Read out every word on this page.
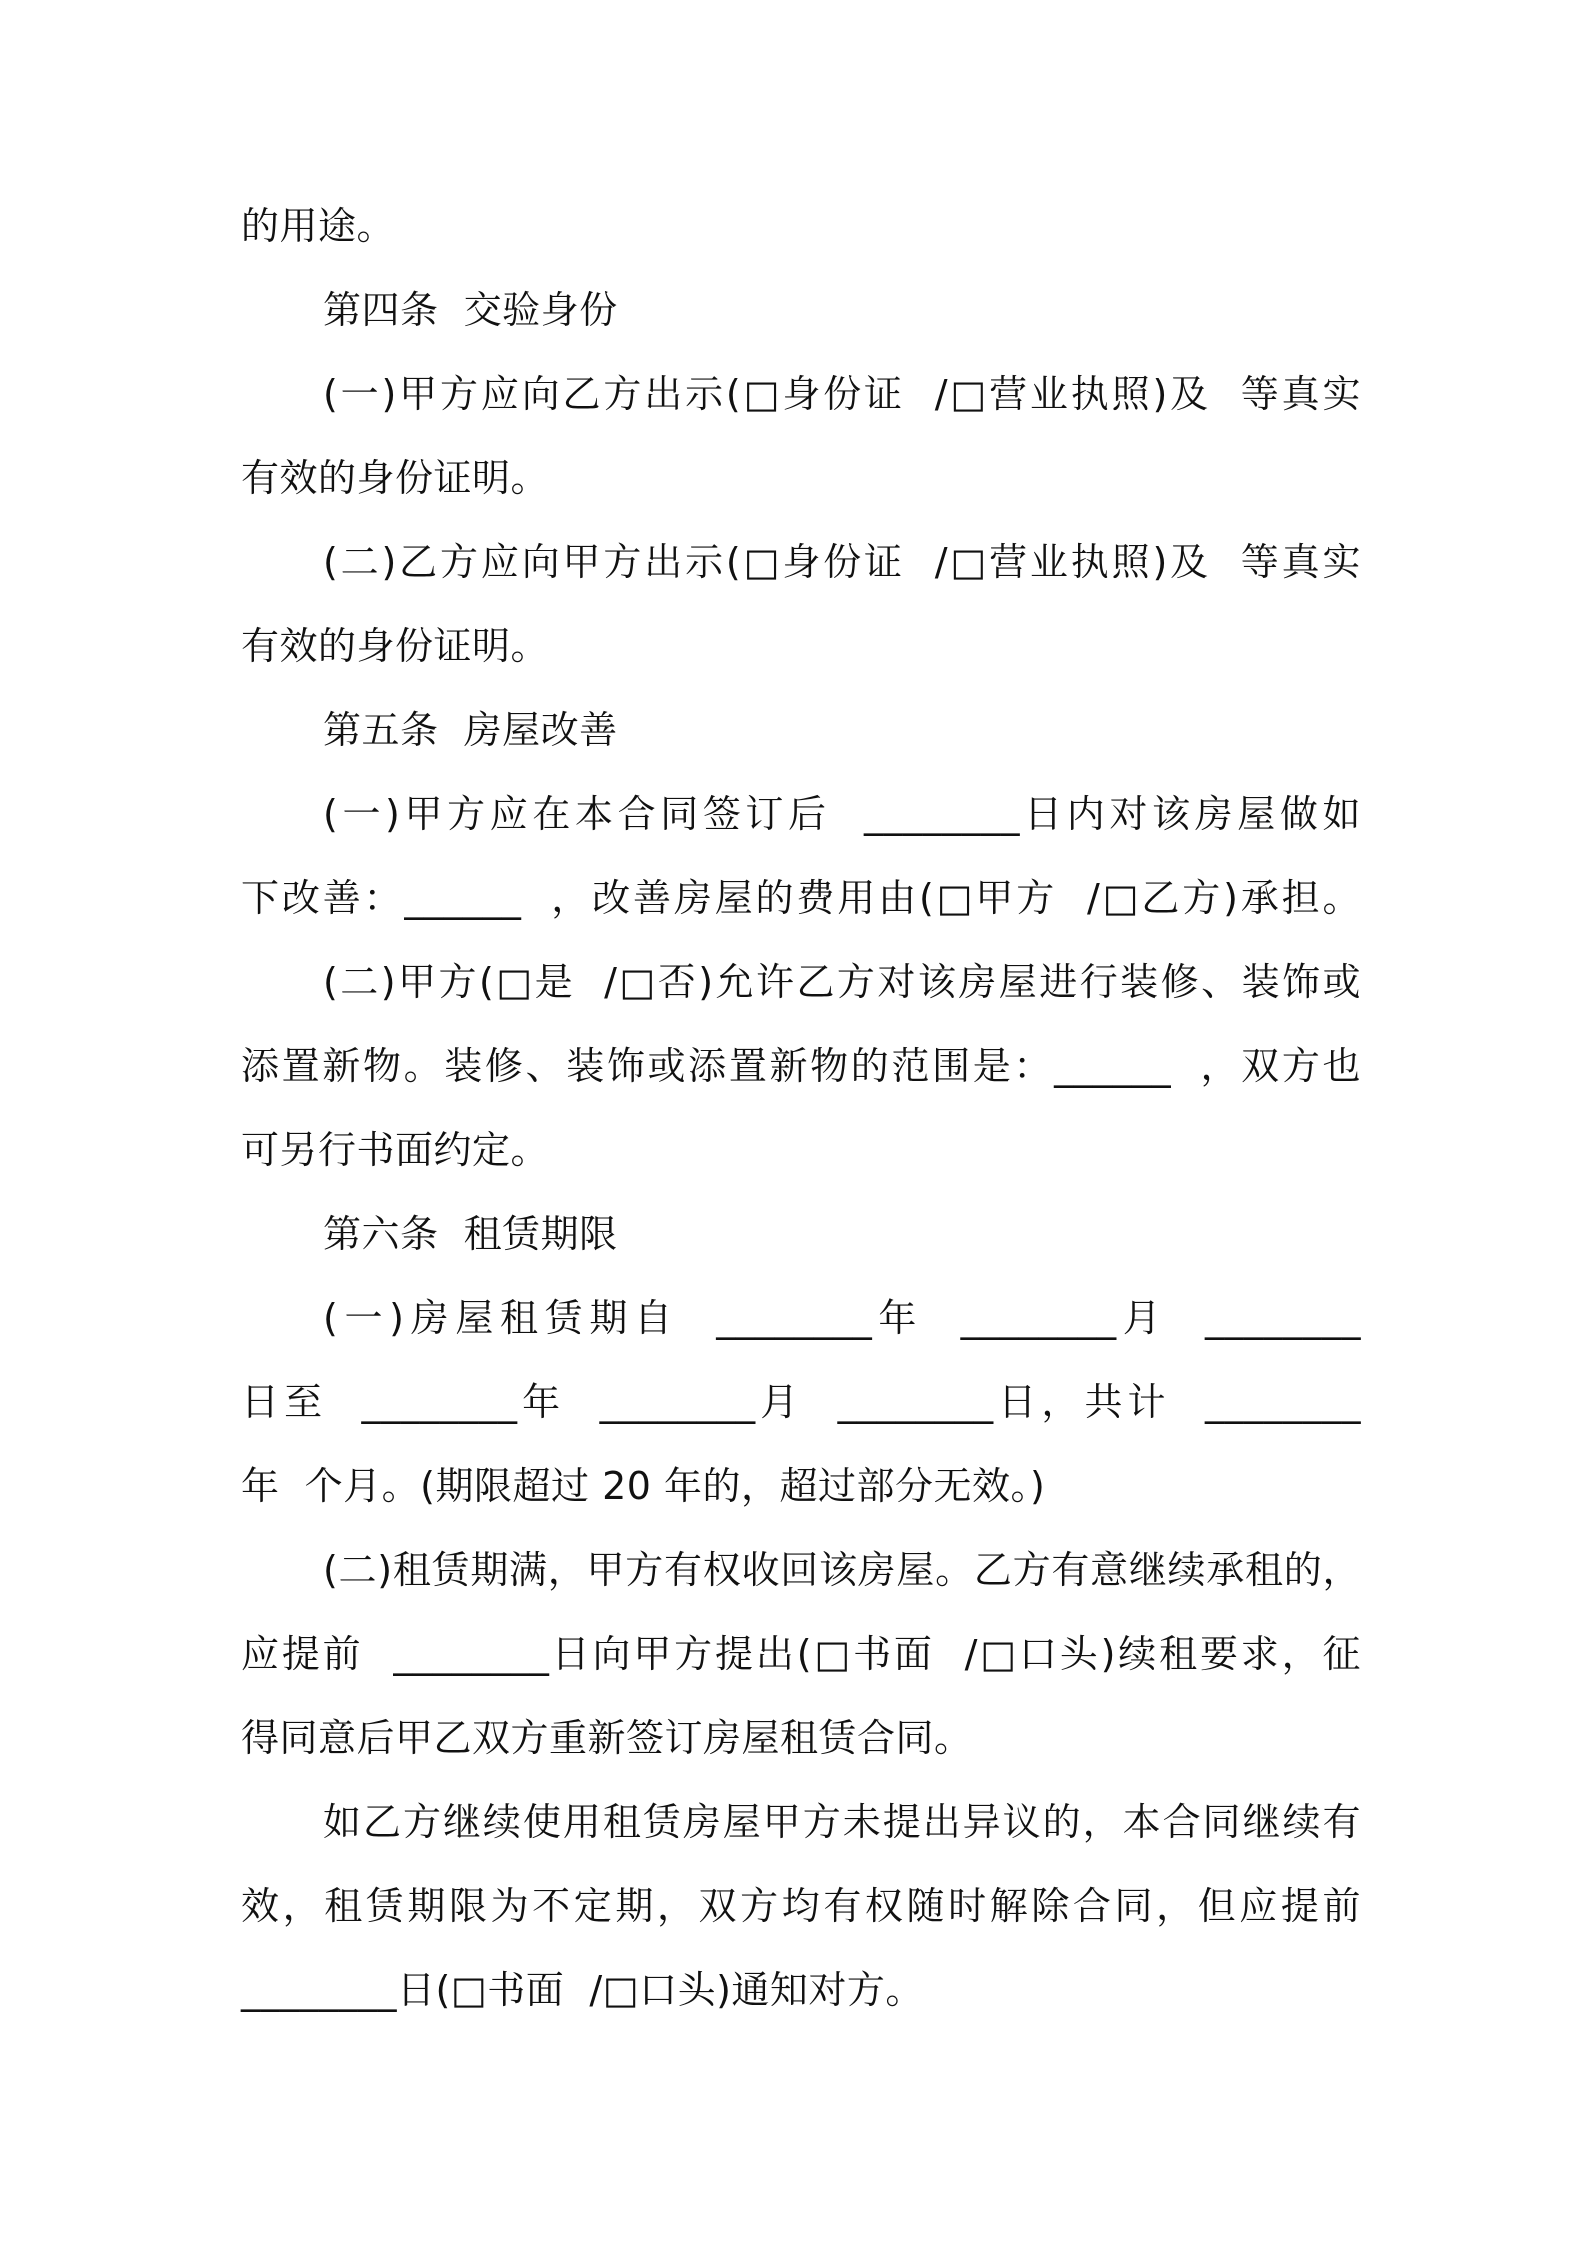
的用途。
第四条  交验身份
(一)甲方应向乙方出示(□身份证  /□营业执照)及  等真实
有效的身份证明。
(二)乙方应向甲方出示(□身份证  /□营业执照)及  等真实
有效的身份证明。
第五条  房屋改善
(一)甲方应在本合同签订后  ________日内对该房屋做如
下改善：______  ，改善房屋的费用由(□甲方  /□乙方)承担。
(二)甲方(□是  /□否)允许乙方对该房屋进行装修、装饰或
添置新物。装修、装饰或添置新物的范围是：______  ，双方也
可另行书面约定。
第六条  租赁期限
(一)房屋租赁期自  ________年  ________月  ________
日至  ________年  ________月  ________日，共计  ________
年  个月。(期限超过 20 年的，超过部分无效。)
(二)租赁期满，甲方有权收回该房屋。乙方有意继续承租的，
应提前  ________日向甲方提出(□书面  /□口头)续租要求，征
得同意后甲乙双方重新签订房屋租赁合同。
如乙方继续使用租赁房屋甲方未提出异议的，本合同继续有
效，租赁期限为不定期，双方均有权随时解除合同，但应提前
________日(□书面  /□口头)通知对方。
